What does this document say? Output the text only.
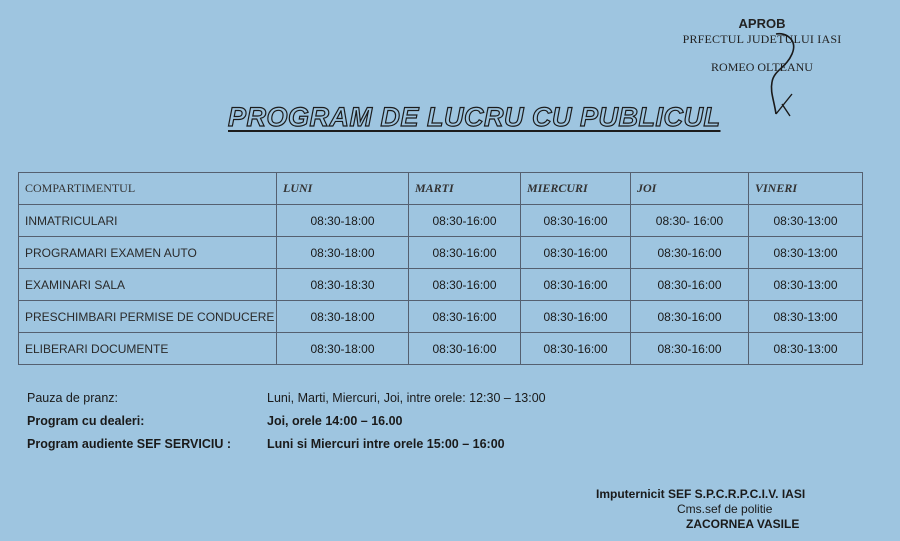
APROB
PRFECTUL JUDETULUI IASI
ROMEO OLTEANU
PROGRAM DE LUCRU CU PUBLICUL
COMPARTIMENTUL	LUNI	MARTI	MIERCURI	JOI	VINERI
INMATRICULARI	08:30-18:00	08:30-16:00	08:30-16:00	08:30- 16:00	08:30-13:00
PROGRAMARI EXAMEN AUTO	08:30-18:00	08:30-16:00	08:30-16:00	08:30-16:00	08:30-13:00
EXAMINARI SALA	08:30-18:30	08:30-16:00	08:30-16:00	08:30-16:00	08:30-13:00
PRESCHIMBARI PERMISE DE CONDUCERE	08:30-18:00	08:30-16:00	08:30-16:00	08:30-16:00	08:30-13:00
ELIBERARI DOCUMENTE	08:30-18:00	08:30-16:00	08:30-16:00	08:30-16:00	08:30-13:00
Pauza de pranz:	Luni, Marti, Miercuri, Joi, intre orele: 12:30 – 13:00
Program cu dealeri:	Joi, orele 14:00 – 16.00
Program audiente SEF SERVICIU :	Luni si Miercuri intre orele 15:00 – 16:00
Imputernicit SEF S.P.C.R.P.C.I.V. IASI
Cms.sef de politie
ZACORNEA VASILE
